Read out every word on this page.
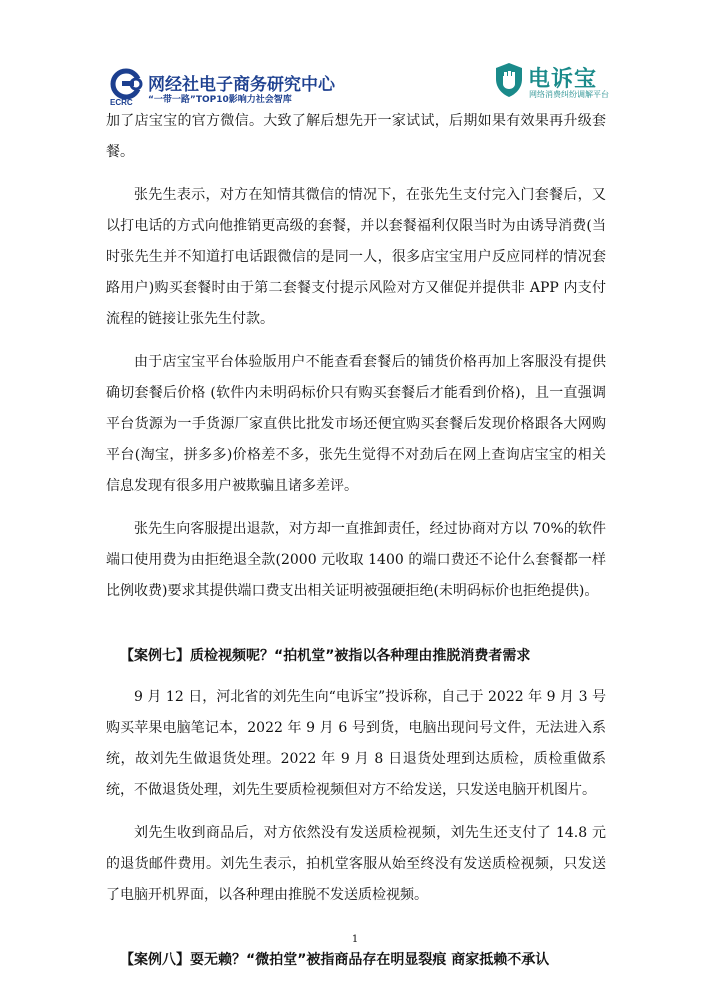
ECRC
网经社电子商务研究中心
“一带一路”TOP10影响力社会智库
电诉宝
网络消费纠纷调解平台

加了店宝宝的官方微信。大致了解后想先开一家试试，后期如果有效果再升级套餐。

张先生表示，对方在知情其微信的情况下，在张先生支付完入门套餐后，又以打电话的方式向他推销更高级的套餐，并以套餐福利仅限当时为由诱导消费(当时张先生并不知道打电话跟微信的是同一人，很多店宝宝用户反应同样的情况套路用户)购买套餐时由于第二套餐支付提示风险对方又催促并提供非 APP 内支付流程的链接让张先生付款。

由于店宝宝平台体验版用户不能查看套餐后的铺货价格再加上客服没有提供确切套餐后价格 (软件内未明码标价只有购买套餐后才能看到价格)，且一直强调平台货源为一手货源厂家直供比批发市场还便宜购买套餐后发现价格跟各大网购平台(淘宝，拼多多)价格差不多，张先生觉得不对劲后在网上查询店宝宝的相关信息发现有很多用户被欺骗且诸多差评。

张先生向客服提出退款，对方却一直推卸责任，经过协商对方以 70%的软件端口使用费为由拒绝退全款(2000 元收取 1400 的端口费还不论什么套餐都一样比例收费)要求其提供端口费支出相关证明被强硬拒绝(未明码标价也拒绝提供)。

【案例七】质检视频呢？“拍机堂”被指以各种理由推脱消费者需求

9 月 12 日，河北省的刘先生向“电诉宝”投诉称，自己于 2022 年 9 月 3 号购买苹果电脑笔记本，2022 年 9 月 6 号到货，电脑出现问号文件，无法进入系统，故刘先生做退货处理。2022 年 9 月 8 日退货处理到达质检，质检重做系统，不做退货处理，刘先生要质检视频但对方不给发送，只发送电脑开机图片。

刘先生收到商品后，对方依然没有发送质检视频，刘先生还支付了 14.8 元的退货邮件费用。刘先生表示，拍机堂客服从始至终没有发送质检视频，只发送了电脑开机界面，以各种理由推脱不发送质检视频。

【案例八】耍无赖？“微拍堂”被指商品存在明显裂痕 商家抵赖不承认

1
